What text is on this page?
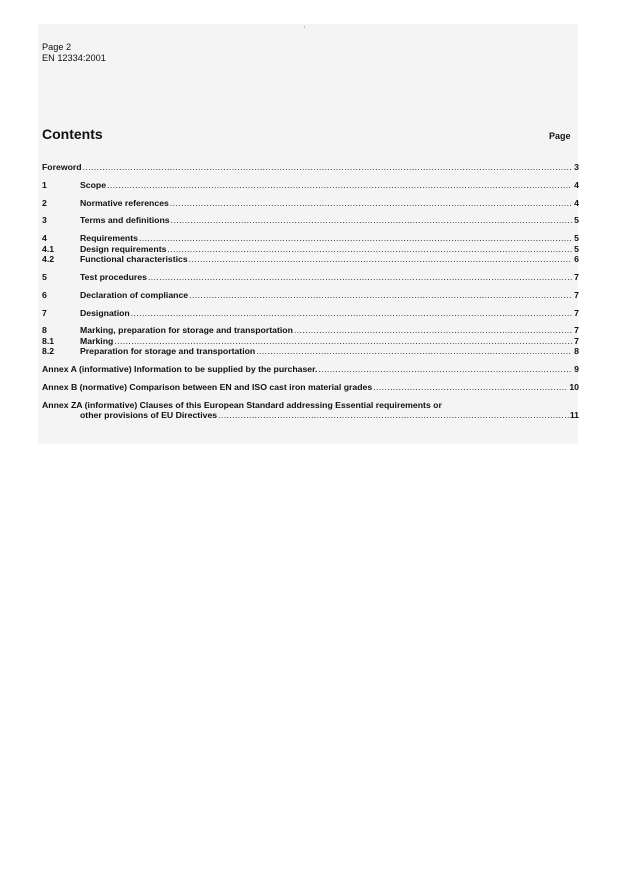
Page 2
EN 12334:2001
Contents	Page
Foreword .....	3
1	Scope .....	4
2	Normative references .....	4
3	Terms and definitions .....	5
4	Requirements .....	5
4.1	Design requirements .....	5
4.2	Functional characteristics .....	6
5	Test procedures .....	7
6	Declaration of compliance .....	7
7	Designation .....	7
8	Marking, preparation for storage and transportation .....	7
8.1	Marking .....	7
8.2	Preparation for storage and transportation .....	8
Annex A (informative) Information to be supplied by the purchaser. .....	9
Annex B (normative) Comparison between EN and ISO cast iron material grades .....	10
Annex ZA (informative) Clauses of this European Standard addressing Essential requirements or
other provisions of EU Directives .....	11
